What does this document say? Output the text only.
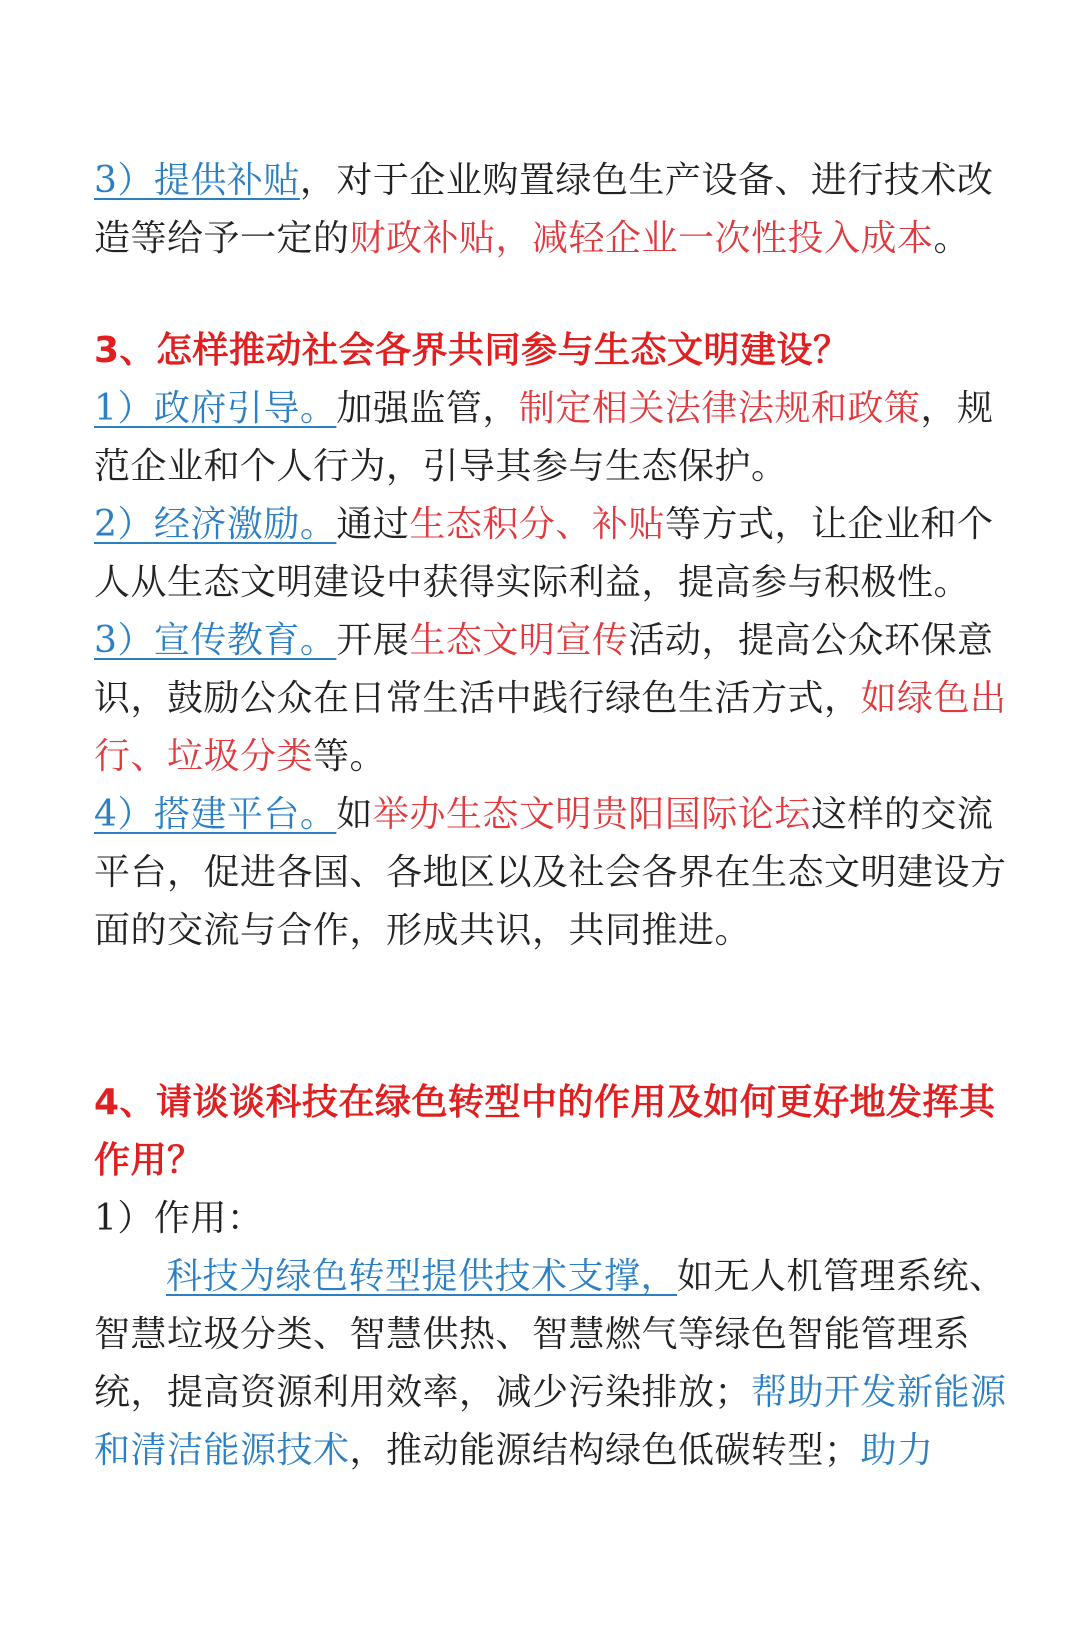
3）提供补贴，对于企业购置绿色生产设备、进行技术改造等给予一定的财政补贴，减轻企业一次性投入成本。

3、怎样推动社会各界共同参与生态文明建设？

1）政府引导。加强监管，制定相关法律法规和政策，规范企业和个人行为，引导其参与生态保护。

2）经济激励。通过生态积分、补贴等方式，让企业和个人从生态文明建设中获得实际利益，提高参与积极性。

3）宣传教育。开展生态文明宣传活动，提高公众环保意识，鼓励公众在日常生活中践行绿色生活方式，如绿色出行、垃圾分类等。

4）搭建平台。如举办生态文明贵阳国际论坛这样的交流平台，促进各国、各地区以及社会各界在生态文明建设方面的交流与合作，形成共识，共同推进。

4、请谈谈科技在绿色转型中的作用及如何更好地发挥其作用？

1）作用：

科技为绿色转型提供技术支撑，如无人机管理系统、智慧垃圾分类、智慧供热、智慧燃气等绿色智能管理系统，提高资源利用效率，减少污染排放；帮助开发新能源和清洁能源技术，推动能源结构绿色低碳转型；助力
